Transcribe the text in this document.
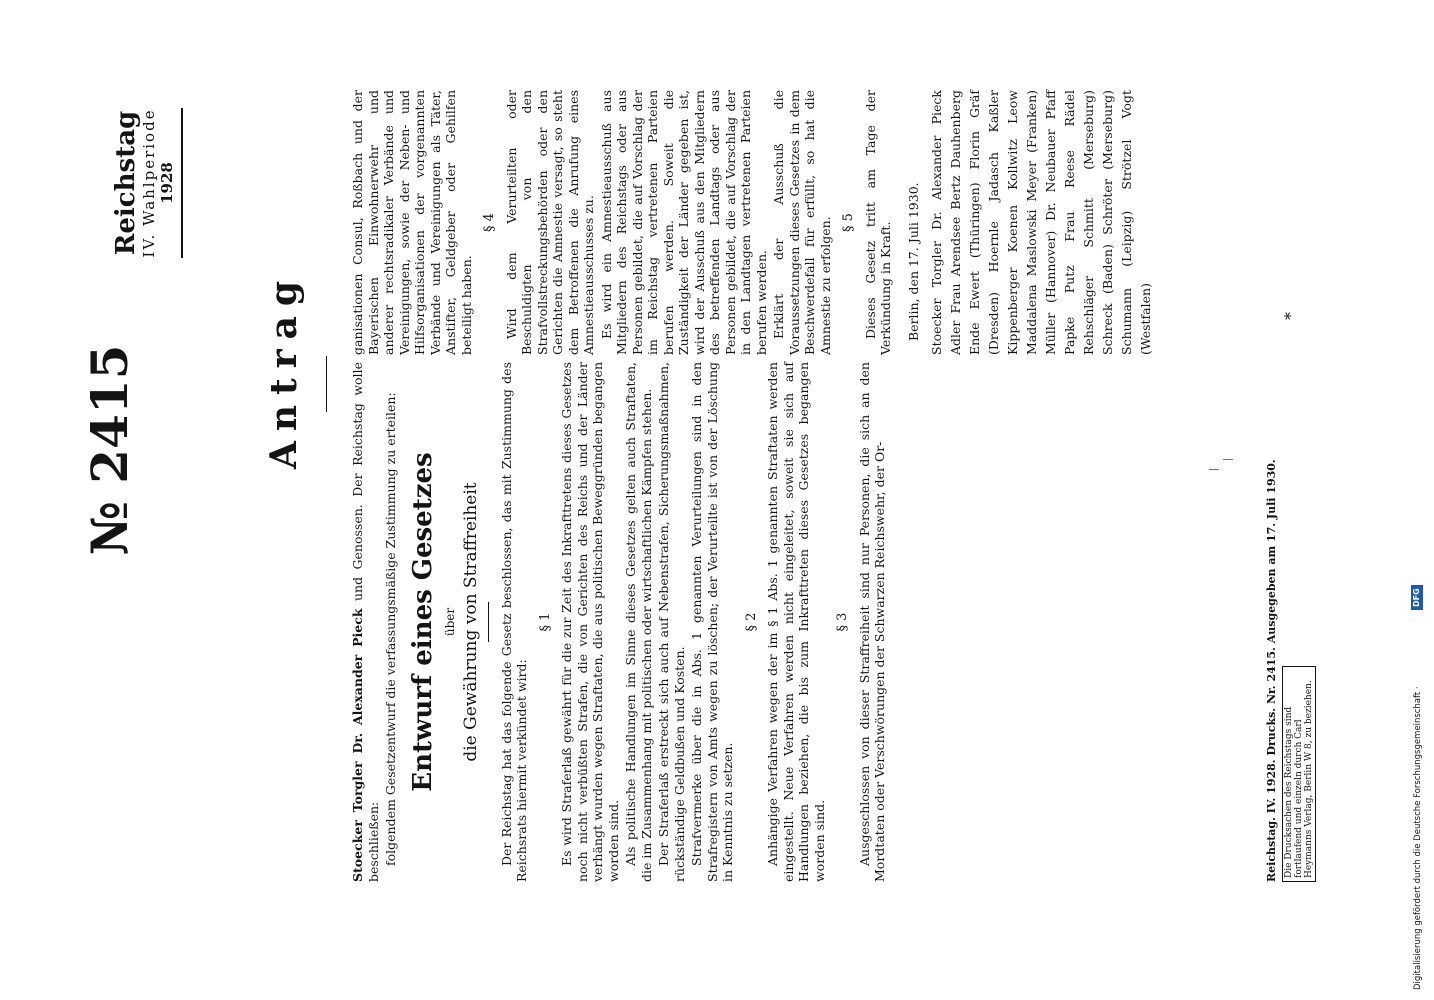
Reichstag IV. Wahlperiode 1928
№ 2415	Antrag

Stoecker Torgler Dr. Alexander Pieck und Genossen. Der Reichstag wolle beschließen: folgendem Gesetzentwurf die verfassungsmäßige Zustimmung zu erteilen: Entwurf eines Gesetzes über die Gewährung von Straffreiheit Der Reichstag hat das folgende Gesetz beschlossen, das mit Zustimmung des Reichsrats hiermit verkündet wird:

§ 1 Es wird Straferlaß gewährt für die zur Zeit des Inkrafttretens dieses Gesetzes noch nicht verbüßten Strafen, die von Gerichten des Reichs und der Länder verhängt wurden wegen Straftaten, die aus politischen Beweggründen begangen worden sind. Als politische Handlungen im Sinne dieses Gesetzes gelten auch Straftaten, die im Zusammenhang mit politischen oder wirtschaftlichen Kämpfen stehen. Der Straferlaß erstreckt sich auch auf Nebenstrafen, Sicherungsmaßnahmen, rückständige Geldbußen und Kosten. Strafvermerke über die in Abs. 1 genannten Verurteilungen sind in den Strafregistern von Amts wegen zu löschen; der Verurteilte ist von der Löschung in Kenntnis zu setzen.

§ 2 Anhängige Verfahren wegen der im § 1 Abs. 1 genannten Straftaten werden eingestellt. Neue Verfahren werden nicht eingeleitet, soweit sie sich auf Handlungen beziehen, die bis zum Inkrafttreten dieses Gesetzes begangen worden sind.

§ 3 Ausgeschlossen von dieser Straffreiheit sind nur Personen, die sich an den Mordtaten oder Verschwörungen der Schwarzen Reichswehr, der Or-

ganisationen Consul, Roßbach und der Bayerischen Einwohnerwehr und anderer rechtsradikaler Verbände und Vereinigungen, sowie der Neben- und Hilfsorganisationen der vorgenannten Verbände und Vereinigungen als Täter, Anstifter, Geldgeber oder Gehilfen beteiligt haben.

§ 4 Wird dem Verurteilten oder Beschuldigten von den Strafvollstreckungsbehörden oder den Gerichten die Amnestie versagt, so steht dem Betroffenen die Anrufung eines Amnestieausschusses zu. Es wird ein Amnestieausschuß aus Mitgliedern des Reichstags oder aus Personen gebildet, die auf Vorschlag der im Reichstag vertretenen Parteien berufen werden. Soweit die Zuständigkeit der Länder gegeben ist, wird der Ausschuß aus den Mitgliedern des betreffenden Landtags oder aus Personen gebildet, die auf Vorschlag der in den Landtagen vertretenen Parteien berufen werden. Erklärt der Ausschuß die Voraussetzungen dieses Gesetzes in dem Beschwerdefall für erfüllt, so hat die Amnestie zu erfolgen. § 5 Dieses Gesetz tritt am Tage der Verkündung in Kraft. Berlin, den 17. Juli 1930. Stoecker Torgler Dr. Alexander Pieck Adler Frau Arendsee Bertz Dauhenberg Ende Ewert (Thüringen) Florin Gräf (Dresden) Hoernle Jadasch Kaßler Kippenberger Koenen Kollwitz Leow Maddalena Maslowski Meyer (Franken) Müller (Hannover) Dr. Neubauer Pfaff Papke Putz Frau Reese Rädel Rehschläger Schmitt (Merseburg) Schreck (Baden) Schröter (Merseburg) Schumann (Leipzig) Strötzel Vogt (Westfalen)

Reichstag. IV. 1928. Drucks. Nr. 2415. Ausgegeben am 17. Juli 1930. Die Drucksachen des Reichstags sind fortlaufend und einzeln durch Carl Heymanns Verlag, Berlin W 8, zu beziehen.
*
Digitalisierung gefördert durch die Deutsche Forschungsgemeinschaft ·
DFG
